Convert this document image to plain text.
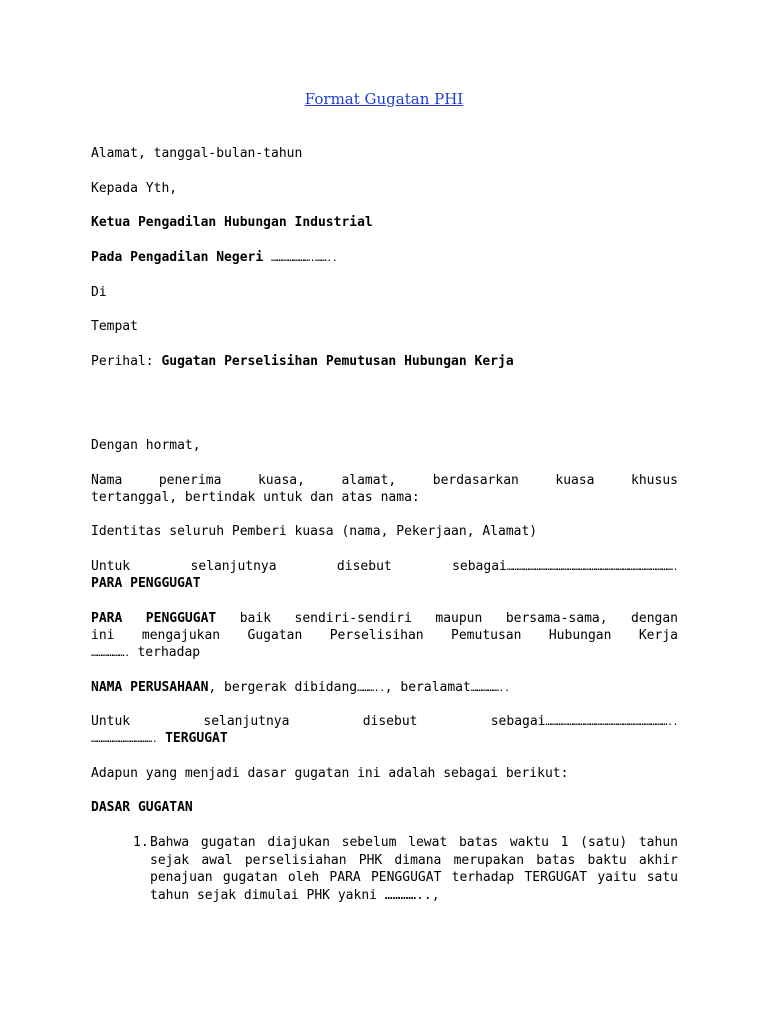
Format Gugatan PHI
Alamat, tanggal-bulan-tahun
Kepada Yth,
Ketua Pengadilan Hubungan Industrial
Pada Pengadilan Negeri ………………….……..
Di
Tempat
Perihal: Gugatan Perselisihan Pemutusan Hubungan Kerja
Dengan hormat,
Nama penerima kuasa, alamat, berdasarkan kuasa khusus
tertanggal, bertindak untuk dan atas nama:
Identitas seluruh Pemberi kuasa (nama, Pekerjaan, Alamat)
Untuk selanjutnya disebut sebagai……………………………………………………………………………….
PARA PENGGUGAT
PARA PENGGUGAT baik sendiri-sendiri maupun bersama-sama, dengan
ini mengajukan Gugatan Perselisihan Pemutusan Hubungan Kerja
………………. terhadap
NAMA PERUSAHAAN, bergerak dibidang……….., beralamat……………..
Untuk selanjutnya disebut sebagai…………………………………………………………..
……………………………. TERGUGAT
Adapun yang menjadi dasar gugatan ini adalah sebagai berikut:
DASAR GUGATAN
1. Bahwa gugatan diajukan sebelum lewat batas waktu 1 (satu) tahun sejak awal perselisiahan PHK dimana merupakan batas baktu akhir penajuan gugatan oleh PARA PENGGUGAT terhadap TERGUGAT yaitu satu tahun sejak dimulai PHK yakni …………..,
